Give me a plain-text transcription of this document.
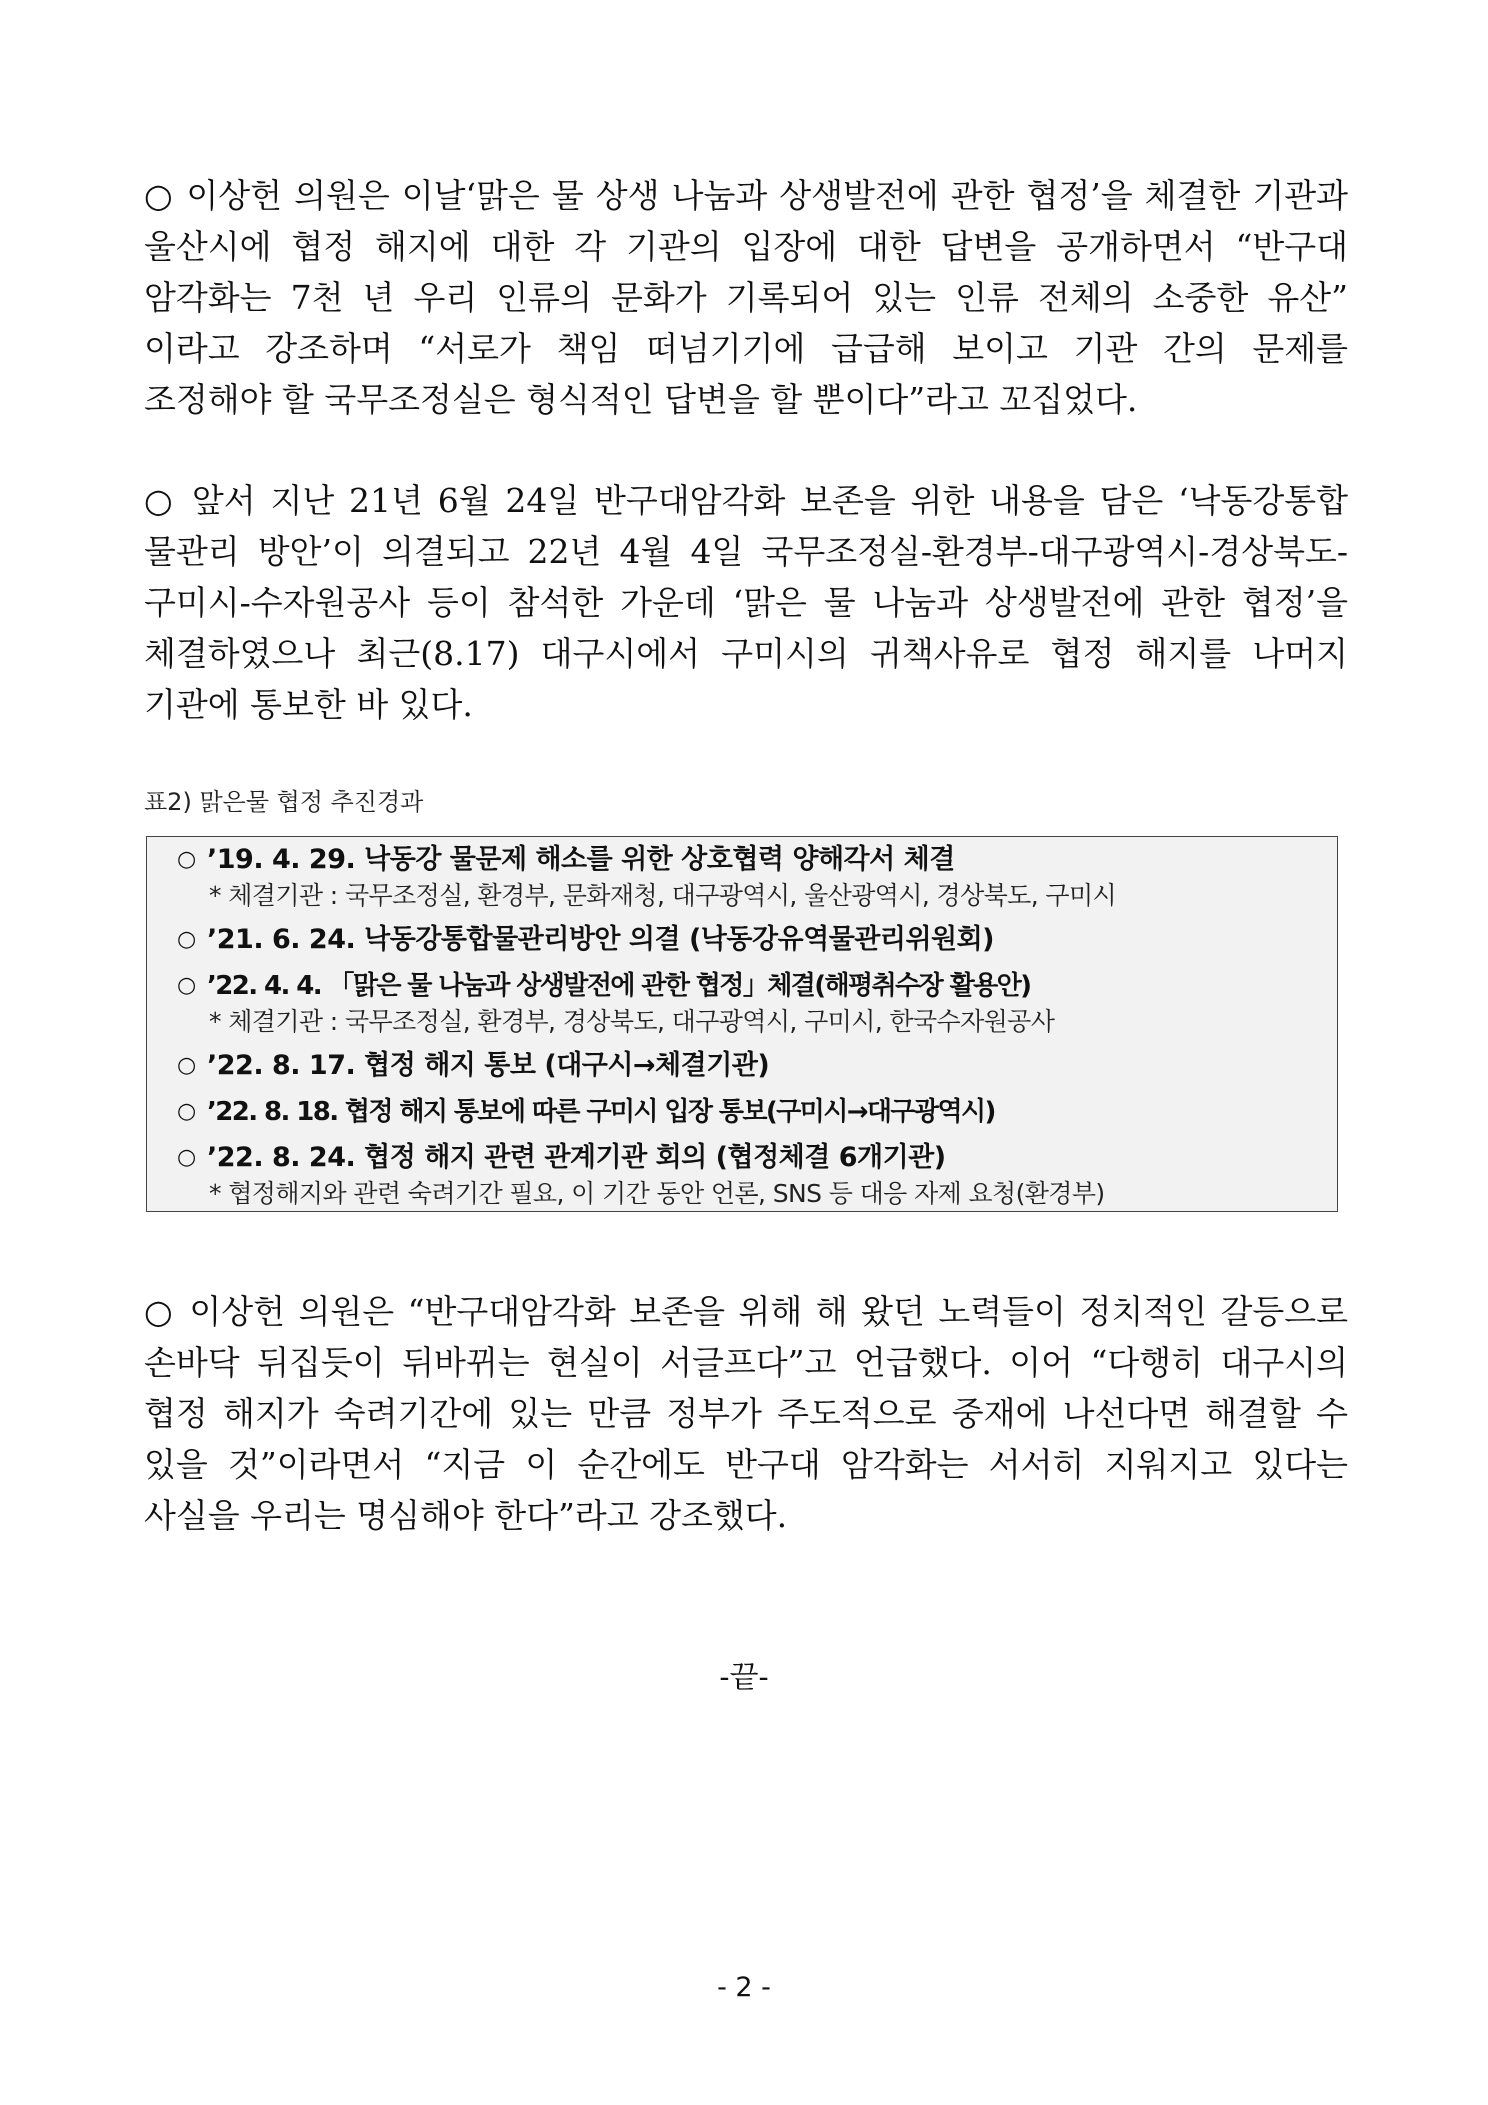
○ 이상헌 의원은 이날‘맑은 물 상생 나눔과 상생발전에 관한 협정’을 체결한 기관과 울산시에 협정 해지에 대한 각 기관의 입장에 대한 답변을 공개하면서 “반구대 암각화는 7천 년 우리 인류의 문화가 기록되어 있는 인류 전체의 소중한 유산” 이라고 강조하며 “서로가 책임 떠넘기기에 급급해 보이고 기관 간의 문제를 조정해야 할 국무조정실은 형식적인 답변을 할 뿐이다”라고 꼬집었다.

○ 앞서 지난 21년 6월 24일 반구대암각화 보존을 위한 내용을 담은 ‘낙동강통합 물관리 방안’이 의결되고 22년 4월 4일 국무조정실-환경부-대구광역시-경상북도- 구미시-수자원공사 등이 참석한 가운데 ‘맑은 물 나눔과 상생발전에 관한 협정’을 체결하였으나 최근(8.17) 대구시에서 구미시의 귀책사유로 협정 해지를 나머지 기관에 통보한 바 있다.

표2) 맑은물 협정 추진경과

○ ’19. 4. 29. 낙동강 물문제 해소를 위한 상호협력 양해각서 체결
* 체결기관 : 국무조정실, 환경부, 문화재청, 대구광역시, 울산광역시, 경상북도, 구미시
○ ’21. 6. 24. 낙동강통합물관리방안 의결 (낙동강유역물관리위원회)
○ ’22. 4. 4. 「맑은 물 나눔과 상생발전에 관한 협정」체결(해평취수장 활용안)
* 체결기관 : 국무조정실, 환경부, 경상북도, 대구광역시, 구미시, 한국수자원공사
○ ’22. 8. 17. 협정 해지 통보 (대구시→체결기관)
○ ’22. 8. 18. 협정 해지 통보에 따른 구미시 입장 통보(구미시→대구광역시)
○ ’22. 8. 24. 협정 해지 관련 관계기관 회의 (협정체결 6개기관)
* 협정해지와 관련 숙려기간 필요, 이 기간 동안 언론, SNS 등 대응 자제 요청(환경부)

○ 이상헌 의원은 “반구대암각화 보존을 위해 해 왔던 노력들이 정치적인 갈등으로 손바닥 뒤집듯이 뒤바뀌는 현실이 서글프다”고 언급했다. 이어 “다행히 대구시의 협정 해지가 숙려기간에 있는 만큼 정부가 주도적으로 중재에 나선다면 해결할 수 있을 것”이라면서 “지금 이 순간에도 반구대 암각화는 서서히 지워지고 있다는 사실을 우리는 명심해야 한다”라고 강조했다.

-끝-

- 2 -
